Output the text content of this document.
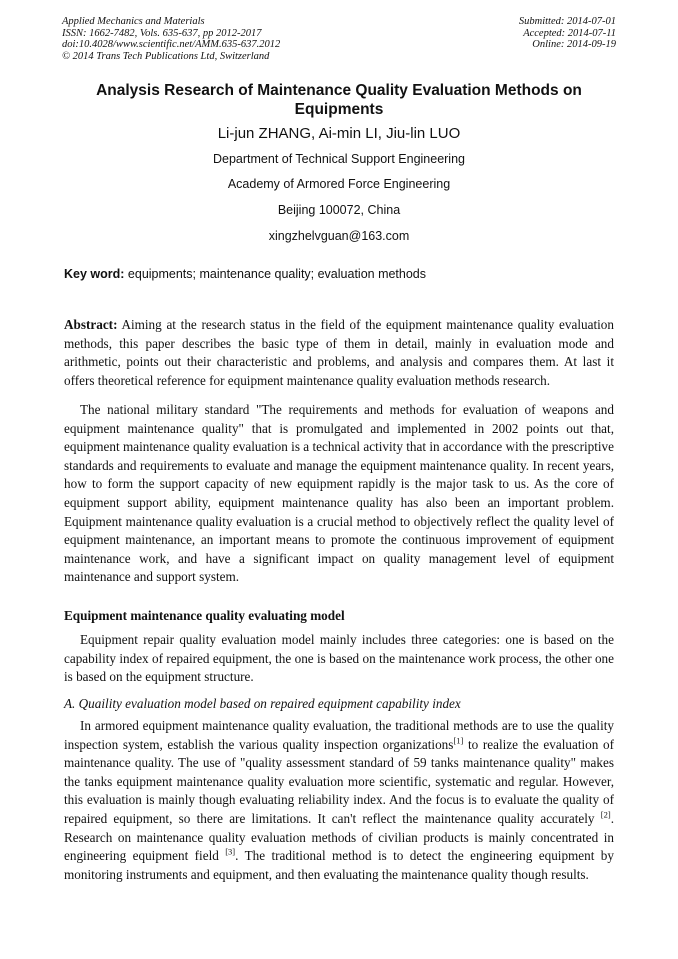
Applied Mechanics and Materials
ISSN: 1662-7482, Vols. 635-637, pp 2012-2017
doi:10.4028/www.scientific.net/AMM.635-637.2012
© 2014 Trans Tech Publications Ltd, Switzerland
Submitted: 2014-07-01
Accepted: 2014-07-11
Online: 2014-09-19
Analysis Research of Maintenance Quality Evaluation Methods on Equipments
Li-jun ZHANG, Ai-min LI, Jiu-lin LUO
Department of Technical Support Engineering
Academy of Armored Force Engineering
Beijing 100072, China
xingzhelvguan@163.com
Key word: equipments; maintenance quality; evaluation methods
Abstract: Aiming at the research status in the field of the equipment maintenance quality evaluation methods, this paper describes the basic type of them in detail, mainly in evaluation mode and arithmetic, points out their characteristic and problems, and analysis and compares them. At last it offers theoretical reference for equipment maintenance quality evaluation methods research.
The national military standard "The requirements and methods for evaluation of weapons and equipment maintenance quality" that is promulgated and implemented in 2002 points out that, equipment maintenance quality evaluation is a technical activity that in accordance with the prescriptive standards and requirements to evaluate and manage the equipment maintenance quality. In recent years, how to form the support capacity of new equipment rapidly is the major task to us. As the core of equipment support ability, equipment maintenance quality has also been an important problem. Equipment maintenance quality evaluation is a crucial method to objectively reflect the quality level of equipment maintenance, an important means to promote the continuous improvement of equipment maintenance work, and have a significant impact on quality management level of equipment maintenance and support system.
Equipment maintenance quality evaluating model
Equipment repair quality evaluation model mainly includes three categories: one is based on the capability index of repaired equipment, the one is based on the maintenance work process, the other one is based on the equipment structure.
A. Quaility evaluation model based on repaired equipment capability index
In armored equipment maintenance quality evaluation, the traditional methods are to use the quality inspection system, establish the various quality inspection organizations[1] to realize the evaluation of maintenance quality. The use of "quality assessment standard of 59 tanks maintenance quality" makes the tanks equipment maintenance quality evaluation more scientific, systematic and regular. However, this evaluation is mainly though evaluating reliability index. And the focus is to evaluate the quality of repaired equipment, so there are limitations. It can't reflect the maintenance quality accurately [2]. Research on maintenance quality evaluation methods of civilian products is mainly concentrated in engineering equipment field [3]. The traditional method is to detect the engineering equipment by monitoring instruments and equipment, and then evaluating the maintenance quality though results.
